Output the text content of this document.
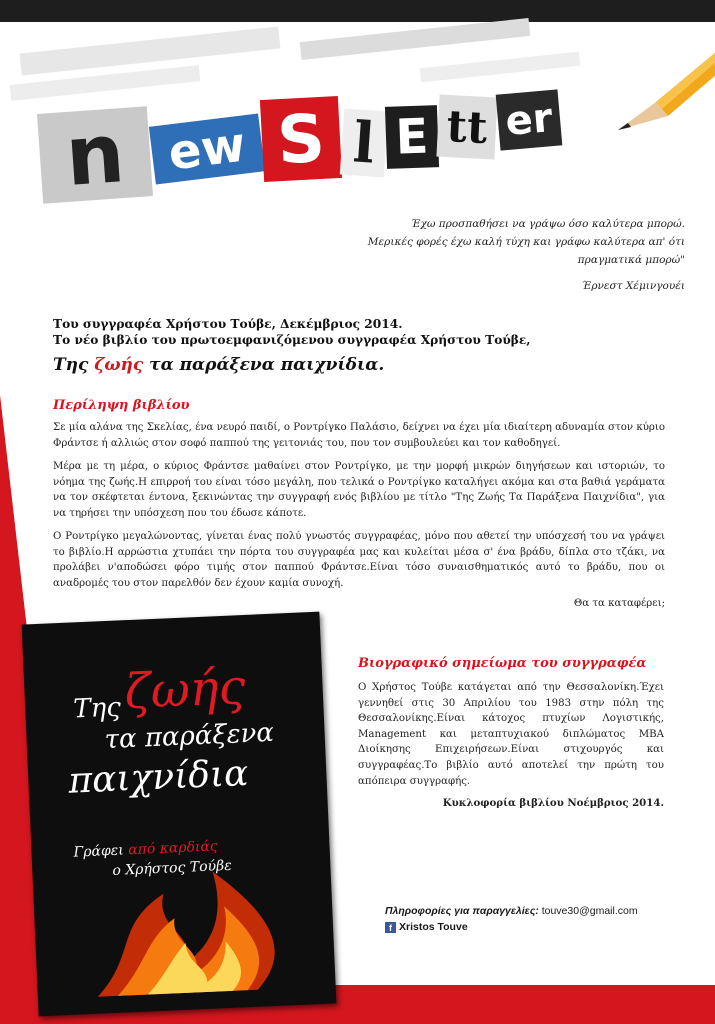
n ew S l E tt er
Έχω προσπαθήσει να γράψω όσο καλύτερα μπορώ.
Μερικές φορές έχω καλή τύχη και γράφω καλύτερα απ' ότι πραγματικά μπορώ"
Έρνεστ Χέμινγουέι
Του συγγραφέα Χρήστου Τούβε, Δεκέμβριος 2014.
Το νέο βιβλίο του πρωτοεμφανιζόμενου συγγραφέα Χρήστου Τούβε,
Της ζωής τα παράξενα παιχνίδια.
Περίληψη βιβλίου

Σε μία αλάνα της Σκελίας, ένα νευρό παιδί, ο Ροντρίγκο Παλάσιο, δείχνει να έχει μία ιδιαίτερη αδυναμία στον κύριο Φράντσε ή αλλιώς στον σοφό παππού της γειτονιάς του, που τον συμβουλεύει και τον καθοδηγεί.

Μέρα με τη μέρα, ο κύριος Φράντσε μαθαίνει στον Ροντρίγκο, με την μορφή μικρών διηγήσεων και ιστοριών, το νόημα της ζωής.Η επιρροή του είναι τόσο μεγάλη, που τελικά ο Ροντρίγκο καταλήγει ακόμα και στα βαθιά γεράματα να τον σκέφτεται έντονα, ξεκινώντας την συγγραφή ενός βιβλίου με τίτλο "Της Ζωής Τα Παράξενα Παιχνίδια", για να τηρήσει την υπόσχεση που του έδωσε κάποτε.

Ο Ροντρίγκο μεγαλώνοντας, γίνεται ένας πολύ γνωστός συγγραφέας, μόνο που αθετεί την υπόσχεσή του να γράψει το βιβλίο.Η αρρώστια χτυπάει την πόρτα του συγγραφέα μας και κυλείται μέσα σ' ένα βράδυ, δίπλα στο τζάκι, να προλάβει ν'αποδώσει φόρο τιμής στον παππού Φράντσε.Είναι τόσο συναισθηματικός αυτό το βράδυ, που οι αναδρομές του στον παρελθόν δεν έχουν καμία συνοχή.

Θα τα καταφέρει;
Της ζωής
τα παράξενα
παιχνίδια
Γράφει από καρδιάς
ο Χρήστος Τούβε
Βιογραφικό σημείωμα του συγγραφέα
Ο Χρήστος Τούβε κατάγεται από την Θεσσαλονίκη.Έχει γεννηθεί στις 30 Απριλίου του 1983 στην πόλη της Θεσσαλονίκης.Είναι κάτοχος πτυχίων Λογιστικής, Management και μεταπτυχιακού διπλώματος MBA Διοίκησης Επιχειρήσεων.Είναι στιχουργός και συγγραφέας.Το βιβλίο αυτό αποτελεί την πρώτη του απόπειρα συγγραφής.
Κυκλοφορία βιβλίου Νοέμβριος 2014.
Πληροφορίες για παραγγελίες: touve30@gmail.com
f Xristos Touve
